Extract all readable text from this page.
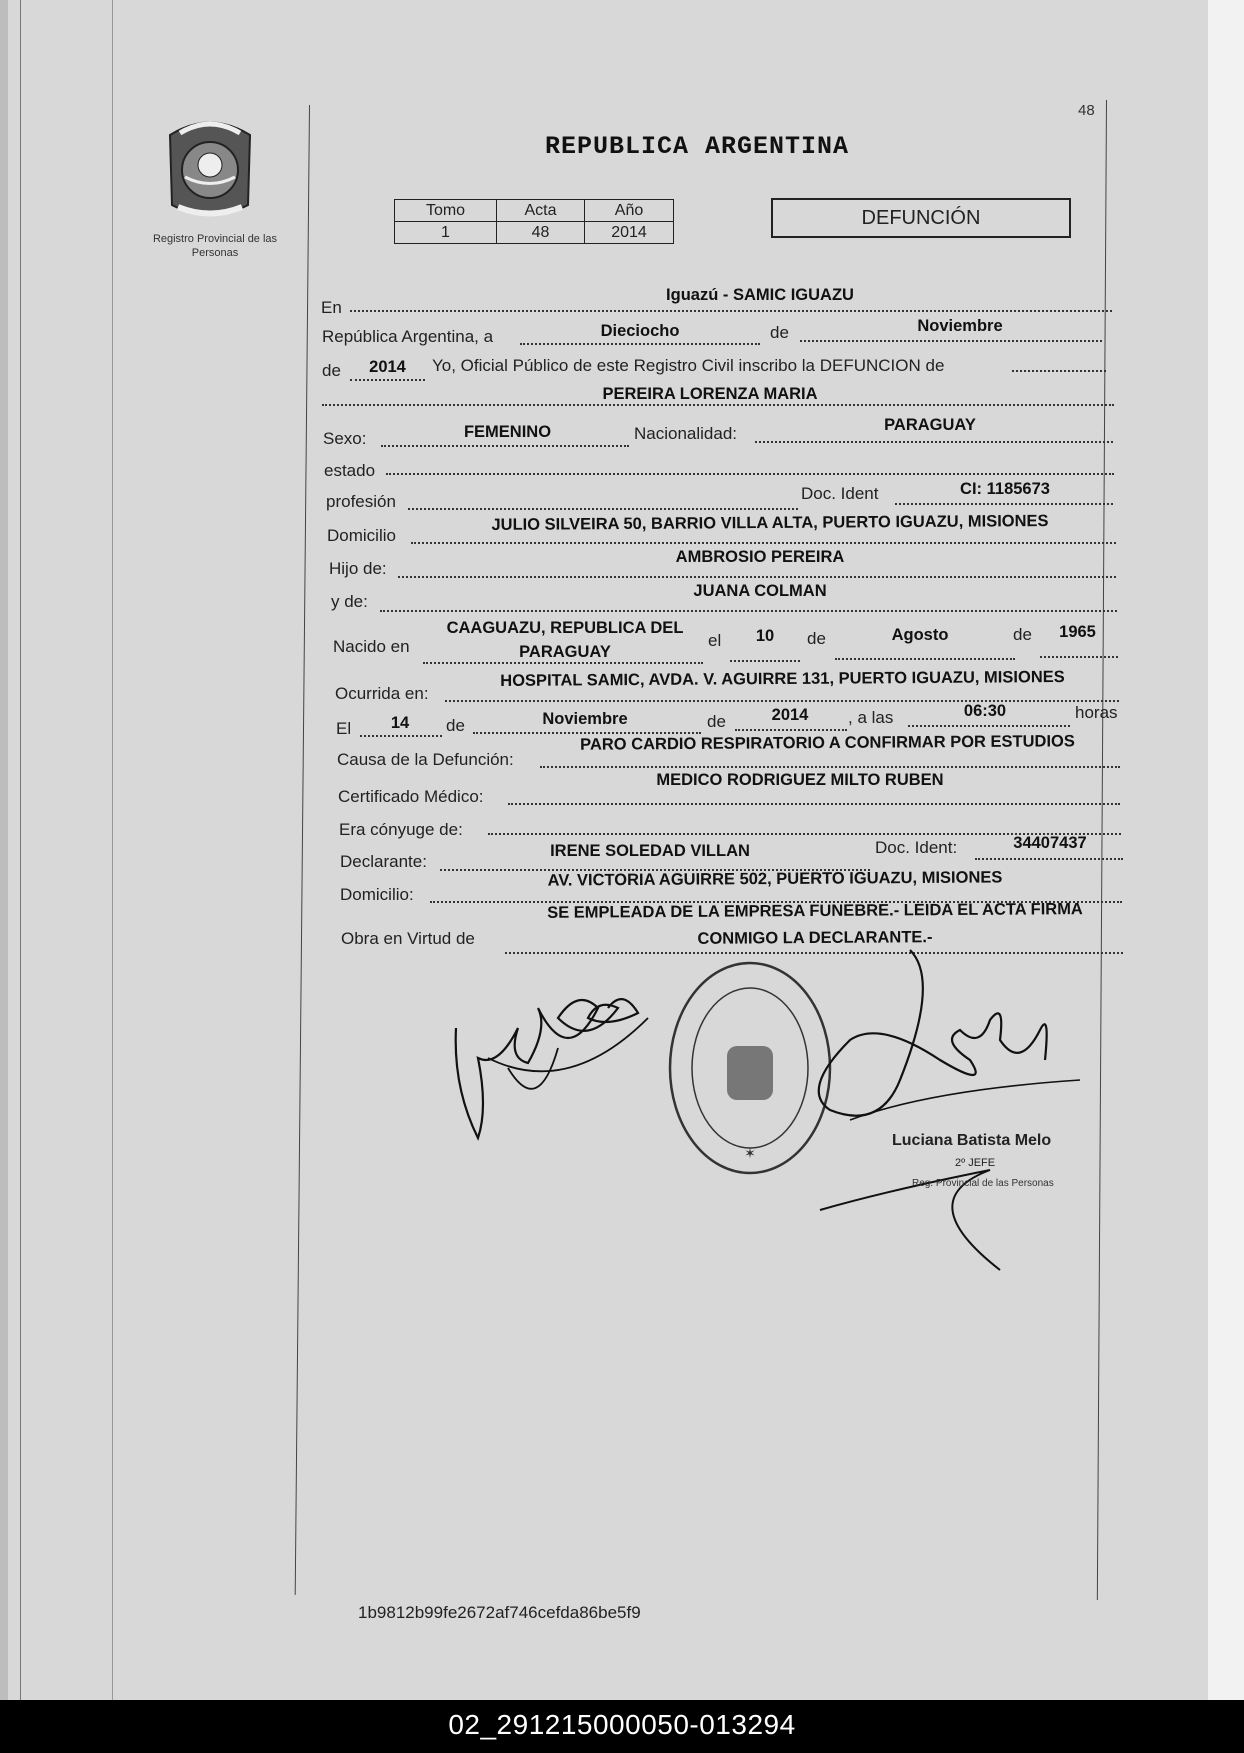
Registro Provincial de las Personas
48
REPUBLICA ARGENTINA
Tomo	Acta	Año
1	48	2014
DEFUNCIÓN
En
Iguazú - SAMIC IGUAZU
República Argentina, a	Dieciocho	de	Noviembre
de	2014	Yo, Oficial Público de este Registro Civil inscribo la DEFUNCION de
PEREIRA LORENZA MARIA
Sexo:	FEMENINO	Nacionalidad:	PARAGUAY
estado
profesión	Doc. Ident	CI: 1185673
Domicilio
JULIO SILVEIRA 50, BARRIO VILLA ALTA, PUERTO IGUAZU, MISIONES
Hijo de:
AMBROSIO PEREIRA
y de:
JUANA COLMAN
Nacido en
CAAGUAZU, REPUBLICA DEL
PARAGUAY
el	10	de	Agosto	de	1965
Ocurrida en:
HOSPITAL SAMIC, AVDA. V. AGUIRRE 131, PUERTO IGUAZU, MISIONES
El	14	de	Noviembre	de	2014	, a las	06:30	horas
Causa de la Defunción:
PARO CARDIO RESPIRATORIO A CONFIRMAR POR ESTUDIOS
Certificado Médico:
MEDICO RODRIGUEZ MILTO RUBEN
Era cónyuge de:
Declarante:
IRENE SOLEDAD VILLAN	Doc. Ident:	34407437
Domicilio:
AV. VICTORIA AGUIRRE 502, PUERTO IGUAZU, MISIONES
Obra en Virtud de
SE EMPLEADA DE LA EMPRESA FUNEBRE.- LEIDA EL ACTA FIRMA
CONMIGO LA DECLARANTE.-
✶
Luciana Batista Melo
2º JEFE
Reg. Provincial de las Personas
1b9812b99fe2672af746cefda86be5f9
02_291215000050-013294
